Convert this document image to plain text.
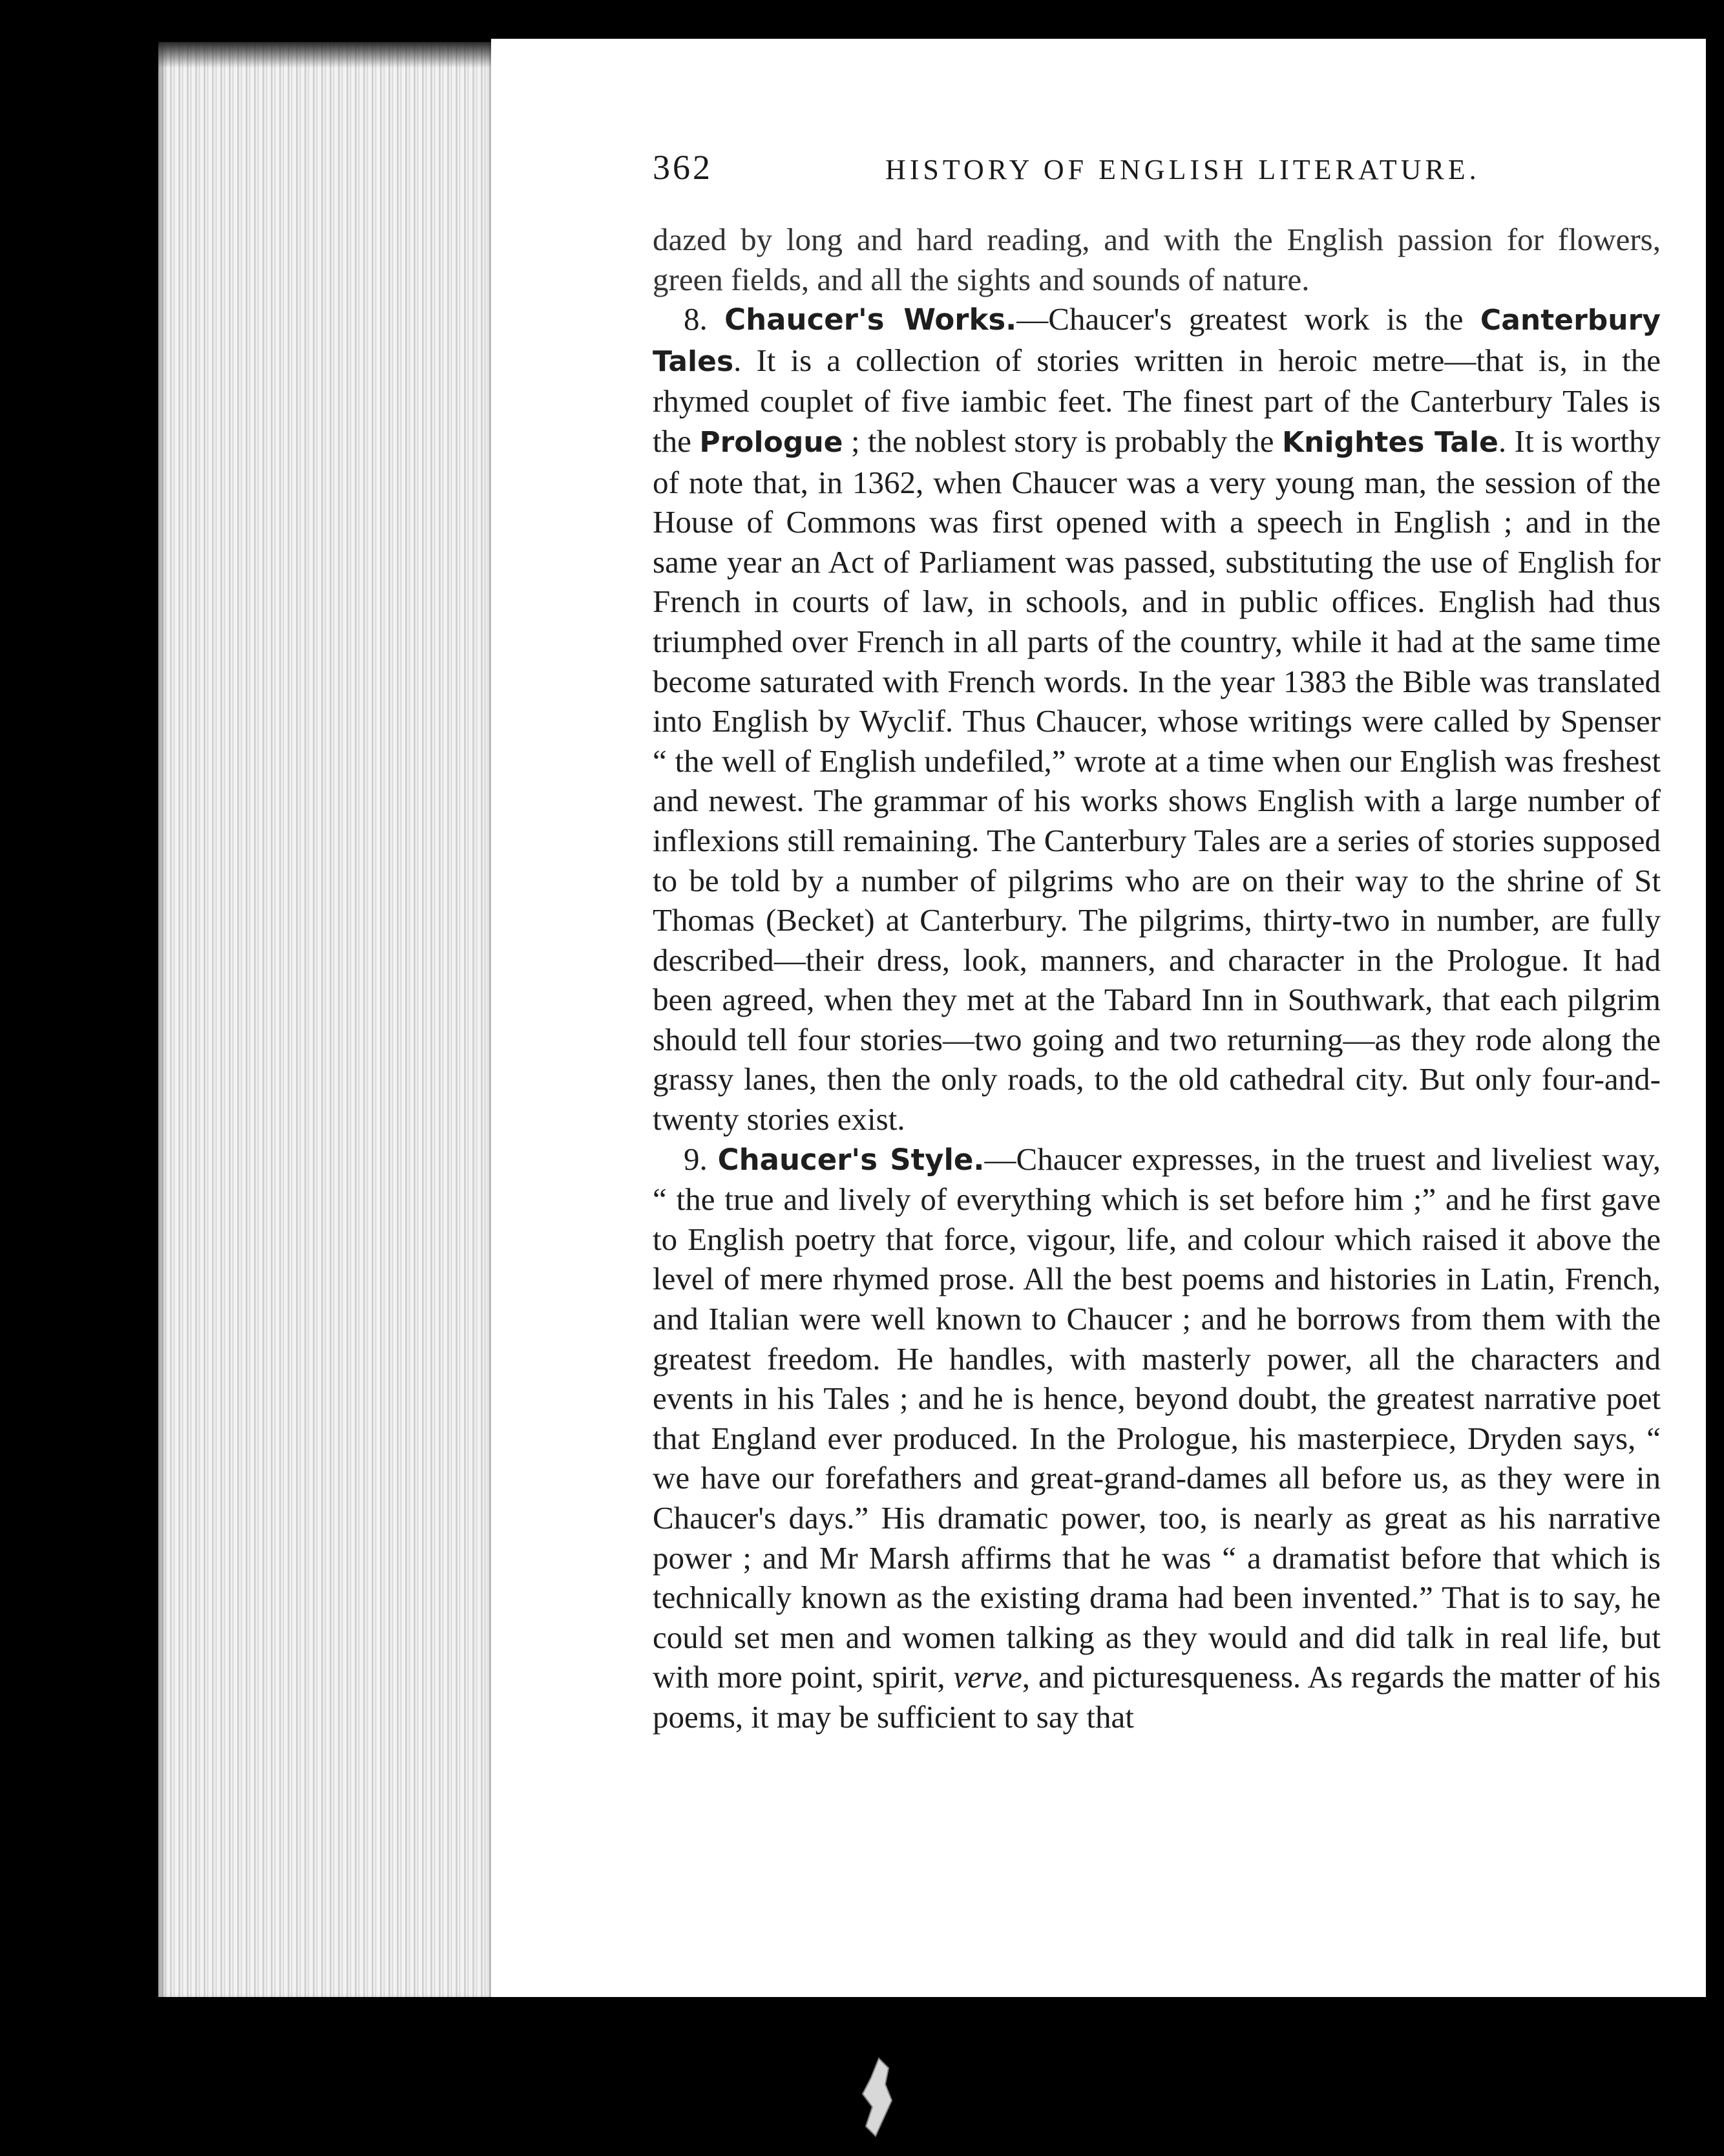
362	HISTORY OF ENGLISH LITERATURE.

dazed by long and hard reading, and with the English passion for flowers, green fields, and all the sights and sounds of nature.

8. Chaucer's Works.—Chaucer's greatest work is the Canterbury Tales. It is a collection of stories written in heroic metre—that is, in the rhymed couplet of five iambic feet. The finest part of the Canterbury Tales is the Prologue ; the noblest story is probably the Knightes Tale. It is worthy of note that, in 1362, when Chaucer was a very young man, the session of the House of Commons was first opened with a speech in English ; and in the same year an Act of Parliament was passed, substituting the use of English for French in courts of law, in schools, and in public offices. English had thus triumphed over French in all parts of the country, while it had at the same time become saturated with French words. In the year 1383 the Bible was translated into English by Wyclif. Thus Chaucer, whose writings were called by Spenser “ the well of English undefiled,” wrote at a time when our English was freshest and newest. The grammar of his works shows English with a large number of inflexions still remaining. The Canterbury Tales are a series of stories supposed to be told by a number of pilgrims who are on their way to the shrine of St Thomas (Becket) at Canterbury. The pilgrims, thirty-two in number, are fully described—their dress, look, manners, and character in the Prologue. It had been agreed, when they met at the Tabard Inn in Southwark, that each pilgrim should tell four stories—two going and two returning—as they rode along the grassy lanes, then the only roads, to the old cathedral city. But only four-and-twenty stories exist.

9. Chaucer's Style.—Chaucer expresses, in the truest and liveliest way, “ the true and lively of everything which is set before him ;” and he first gave to English poetry that force, vigour, life, and colour which raised it above the level of mere rhymed prose. All the best poems and histories in Latin, French, and Italian were well known to Chaucer ; and he borrows from them with the greatest freedom. He handles, with masterly power, all the characters and events in his Tales ; and he is hence, beyond doubt, the greatest narrative poet that England ever produced. In the Prologue, his masterpiece, Dryden says, “ we have our forefathers and great-grand-dames all before us, as they were in Chaucer's days.” His dramatic power, too, is nearly as great as his narrative power ; and Mr Marsh affirms that he was “ a dramatist before that which is technically known as the existing drama had been invented.” That is to say, he could set men and women talking as they would and did talk in real life, but with more point, spirit, verve, and picturesqueness. As regards the matter of his poems, it may be sufficient to say that
